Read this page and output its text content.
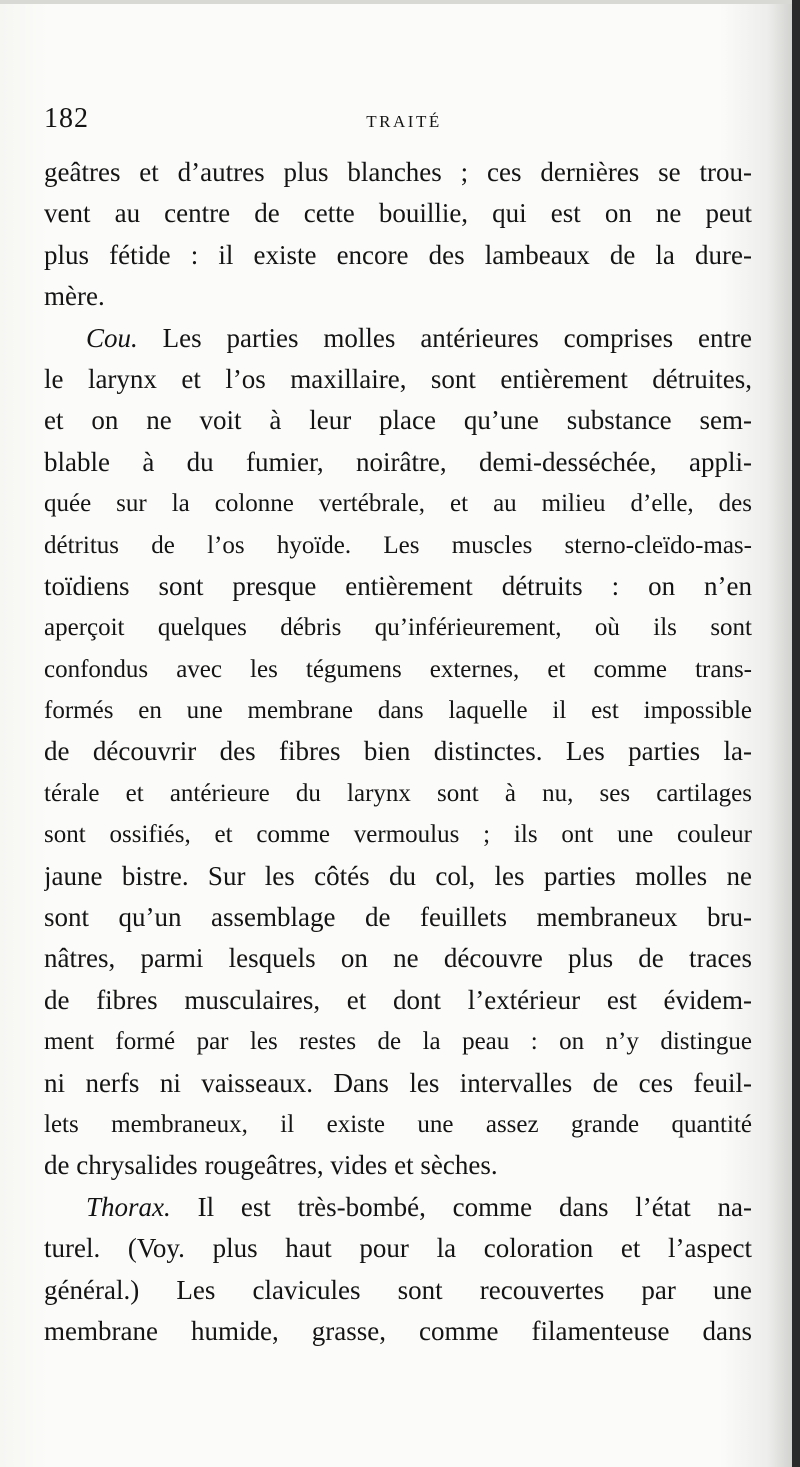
182	TRAITÉ
geâtres et d’autres plus blanches ; ces dernières se trou-
vent au centre de cette bouillie, qui est on ne peut
plus fétide : il existe encore des lambeaux de la dure-
mère.
Cou. Les parties molles antérieures comprises entre
le larynx et l’os maxillaire, sont entièrement détruites,
et on ne voit à leur place qu’une substance sem-
blable à du fumier, noirâtre, demi-desséchée, appli-
quée sur la colonne vertébrale, et au milieu d’elle, des
détritus de l’os hyoïde. Les muscles sterno-cleïdo-mas-
toïdiens sont presque entièrement détruits : on n’en
aperçoit quelques débris qu’inférieurement, où ils sont
confondus avec les tégumens externes, et comme trans-
formés en une membrane dans laquelle il est impossible
de découvrir des fibres bien distinctes. Les parties la-
térale et antérieure du larynx sont à nu, ses cartilages
sont ossifiés, et comme vermoulus ; ils ont une couleur
jaune bistre. Sur les côtés du col, les parties molles ne
sont qu’un assemblage de feuillets membraneux bru-
nâtres, parmi lesquels on ne découvre plus de traces
de fibres musculaires, et dont l’extérieur est évidem-
ment formé par les restes de la peau : on n’y distingue
ni nerfs ni vaisseaux. Dans les intervalles de ces feuil-
lets membraneux, il existe une assez grande quantité
de chrysalides rougeâtres, vides et sèches.
Thorax. Il est très-bombé, comme dans l’état na-
turel. (Voy. plus haut pour la coloration et l’aspect
général.) Les clavicules sont recouvertes par une
membrane humide, grasse, comme filamenteuse dans
